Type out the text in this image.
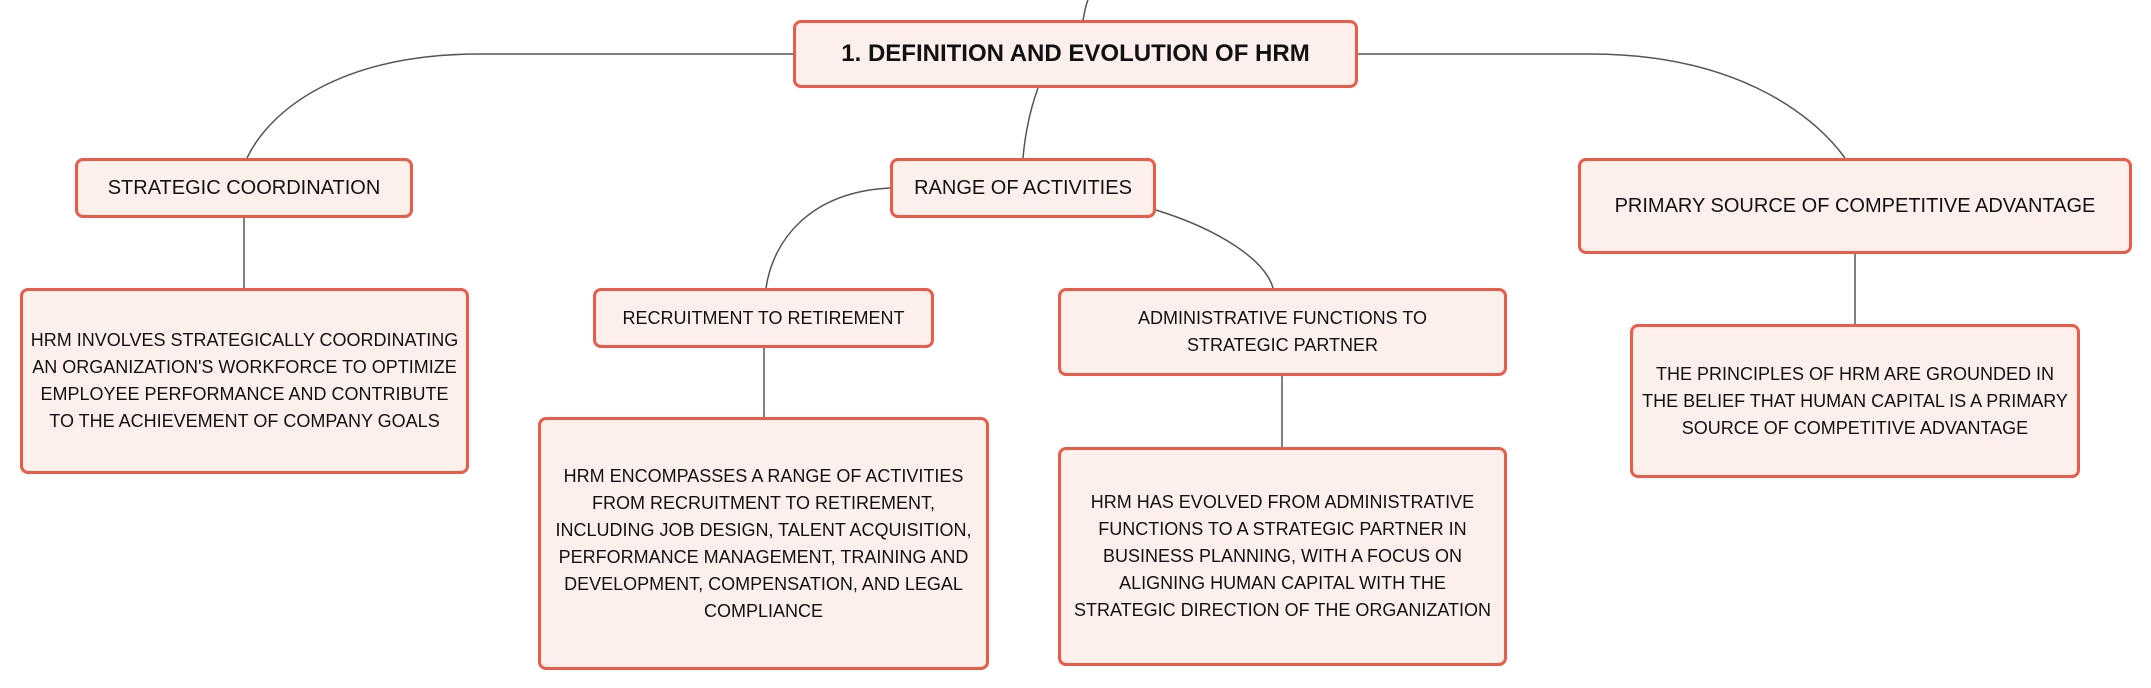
1. DEFINITION AND EVOLUTION OF HRM
STRATEGIC COORDINATION
HRM INVOLVES STRATEGICALLY COORDINATING AN ORGANIZATION'S WORKFORCE TO OPTIMIZE EMPLOYEE PERFORMANCE AND CONTRIBUTE TO THE ACHIEVEMENT OF COMPANY GOALS
RANGE OF ACTIVITIES
RECRUITMENT TO RETIREMENT
HRM ENCOMPASSES A RANGE OF ACTIVITIES FROM RECRUITMENT TO RETIREMENT, INCLUDING JOB DESIGN, TALENT ACQUISITION, PERFORMANCE MANAGEMENT, TRAINING AND DEVELOPMENT, COMPENSATION, AND LEGAL COMPLIANCE
ADMINISTRATIVE FUNCTIONS TO STRATEGIC PARTNER
HRM HAS EVOLVED FROM ADMINISTRATIVE FUNCTIONS TO A STRATEGIC PARTNER IN BUSINESS PLANNING, WITH A FOCUS ON ALIGNING HUMAN CAPITAL WITH THE STRATEGIC DIRECTION OF THE ORGANIZATION
PRIMARY SOURCE OF COMPETITIVE ADVANTAGE
THE PRINCIPLES OF HRM ARE GROUNDED IN THE BELIEF THAT HUMAN CAPITAL IS A PRIMARY SOURCE OF COMPETITIVE ADVANTAGE
